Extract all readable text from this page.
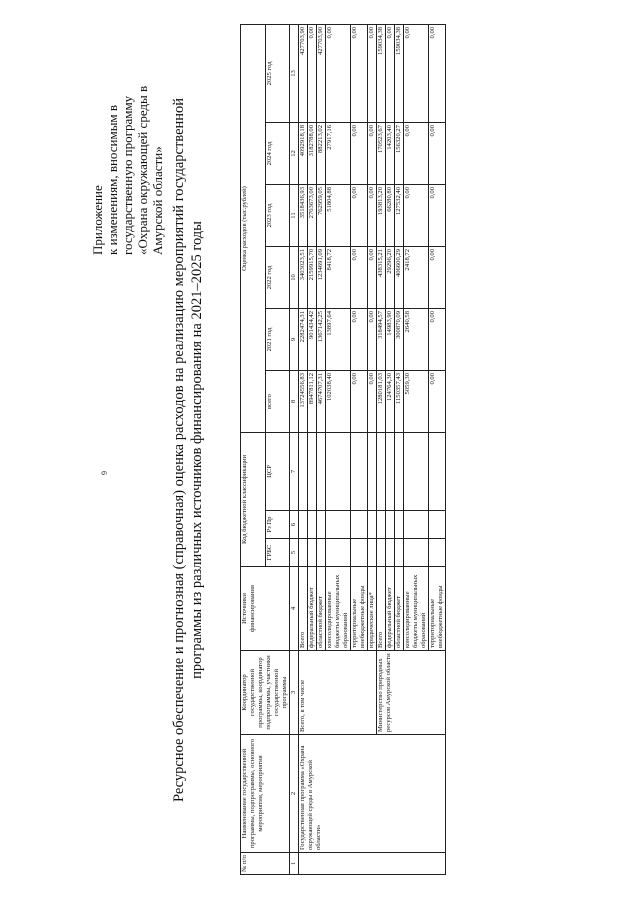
9
Приложение к изменениям, вносимым в государственную программу «Охрана окружающей среды в Амурской области» Ресурсное обеспечение и прогнозная (справочная) оценка расходов на реализацию мероприятий государственной программы из различных источников финансирования на 2021–2025 годы
№ п/п	Наименование государственной программы, подпрограммы, основного мероприятия, мероприятия	Координатор государственной программы, координатор подпрограммы, участники государственной программы	Источники финансирования	Код бюджетной классификации			Оценка расходов (тыс.рублей)					
				ГРБС	Рз Пр	ЦСР	всего	2021 год	2022 год	2023 год	2024 год	2025 год
1	2	3	4	5	6	7	8	9	10	11	12	13
	Государственная программа «Охрана окружающей среды в Амурской области»	Всего, в том числе	Всего				13724556,83	2282474,31	3403023,51	3518436,93	4092918,18	427703,90
			федеральный бюджет				8947811,12	901434,42	2159915,70	2703673,00	3182788,00	0,00
			областной бюджет				4674707,31	1367142,25	1234691,09	762959,05	882213,02	427703,90
			консолидированные бюджеты муниципальных образований				102038,40	13897,64	8418,72	51804,88	27917,16	0,00
			территориальные внебюджетные фонды				0,00	0,00	0,00	0,00	0,00	0,00
			юридические лица*				0,00	0,00	0,00	0,00	0,00	0,00
		Министерство природных ресурсов Амурской области	Всего				1280181,03	318494,57	438315,21	193813,20	170523,67	159034,38
			федеральный бюджет				124764,30	14983,90	29296,20	66280,80	14203,40	0,00
			областной бюджет				1150357,43	300870,09	406600,29	127532,40	156320,27	159034,38
			консолидированные бюджеты муниципальных образований				5059,30	2640,58	2418,72	0,00	0,00	0,00
			территориальные внебюджетные фонды				0,00	0,00	0,00	0,00	0,00	0,00
